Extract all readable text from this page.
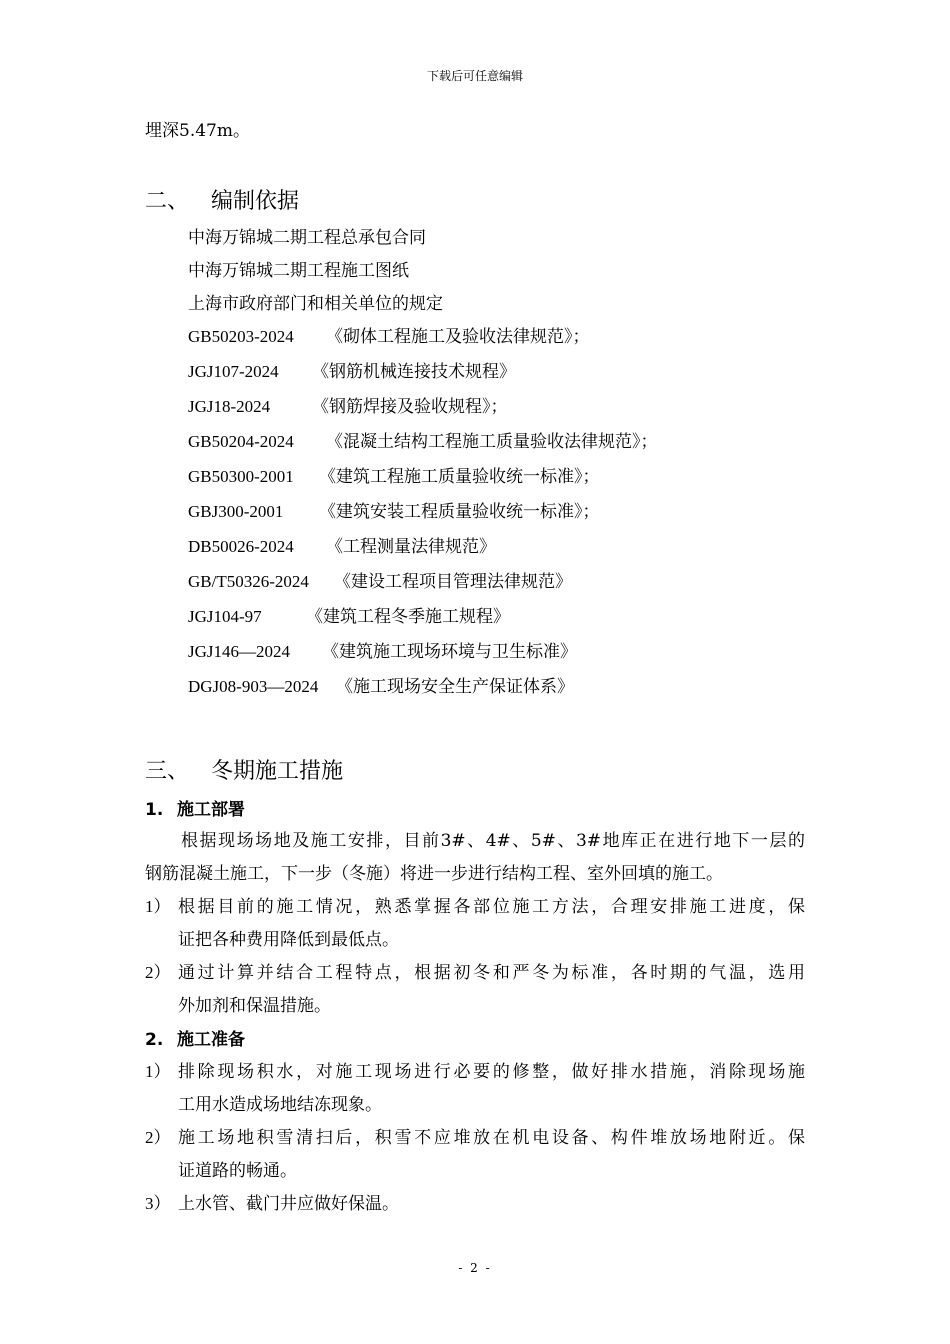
下载后可任意编辑
埋深5.47m。
二、 编制依据
中海万锦城二期工程总承包合同
中海万锦城二期工程施工图纸
上海市政府部门和相关单位的规定
GB50203-2024 《砌体工程施工及验收法律规范》；
JGJ107-2024 《钢筋机械连接技术规程》
JGJ18-2024 《钢筋焊接及验收规程》；
GB50204-2024 《混凝土结构工程施工质量验收法律规范》；
GB50300-2001 《建筑工程施工质量验收统一标准》；
GBJ300-2001 《建筑安装工程质量验收统一标准》；
DB50026-2024 《工程测量法律规范》
GB/T50326-2024 《建设工程项目管理法律规范》
JGJ104-97	《建筑工程冬季施工规程》
JGJ146—2024 《建筑施工现场环境与卫生标准》
DGJ08-903—2024 《施工现场安全生产保证体系》
三、 冬期施工措施
1. 施工部署
根据现场场地及施工安排，目前3#、4#、5#、3#地库正在进行地下一层的
钢筋混凝土施工，下一步（冬施）将进一步进行结构工程、室外回填的施工。
1） 根据目前的施工情况，熟悉掌握各部位施工方法，合理安排施工进度，保
证把各种费用降低到最低点。
2） 通过计算并结合工程特点，根据初冬和严冬为标准，各时期的气温，选用
外加剂和保温措施。
2. 施工准备
1） 排除现场积水，对施工现场进行必要的修整，做好排水措施，消除现场施
工用水造成场地结冻现象。
2） 施工场地积雪清扫后，积雪不应堆放在机电设备、构件堆放场地附近。保
证道路的畅通。
3） 上水管、截门井应做好保温。
- 2 -
